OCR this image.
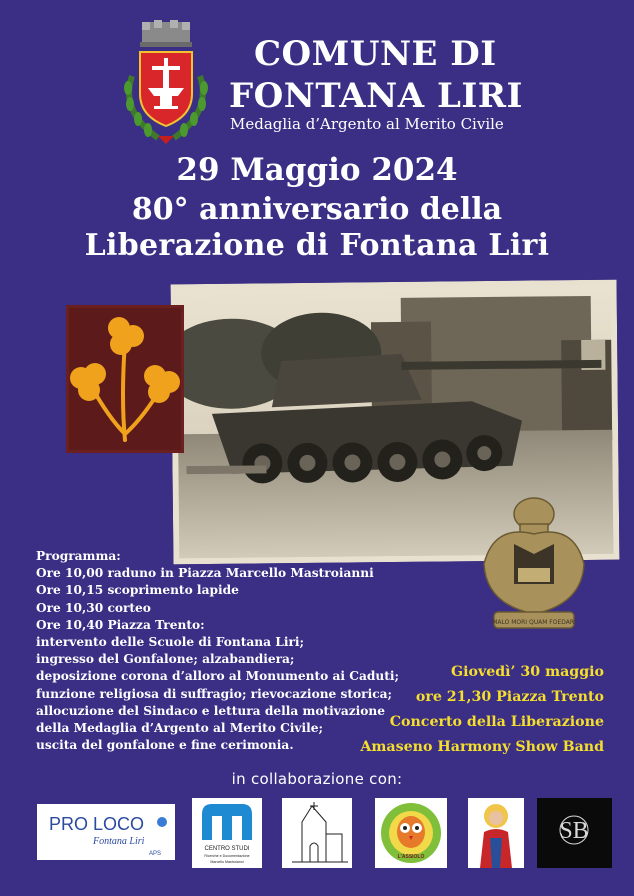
COMUNE DI
FONTANA LIRI
Medaglia d’Argento al Merito Civile
29 Maggio 2024
80° anniversario della
Liberazione di Fontana Liri
MALO MORI QUAM FOEDARI
Programma:
Ore 10,00 raduno in Piazza Marcello Mastroianni
Ore 10,15 scoprimento lapide
Ore 10,30 corteo
Ore 10,40 Piazza Trento:
intervento delle Scuole di Fontana Liri;
ingresso del Gonfalone; alzabandiera;
deposizione corona d’alloro al Monumento ai Caduti;
funzione religiosa di suffragio; rievocazione storica;
allocuzione del Sindaco e lettura della motivazione
della Medaglia d’Argento al Merito Civile;
uscita del gonfalone e fine cerimonia.
Giovedì’ 30 maggio
ore 21,30 Piazza Trento
Concerto della Liberazione
Amaseno Harmony Show Band
in collaborazione con:
PRO LOCO
Fontana Liri
APS
CENTRO STUDI
Ricerche e Documentazione
Marcello Mastroianni
L'ASSIOLO
SB
